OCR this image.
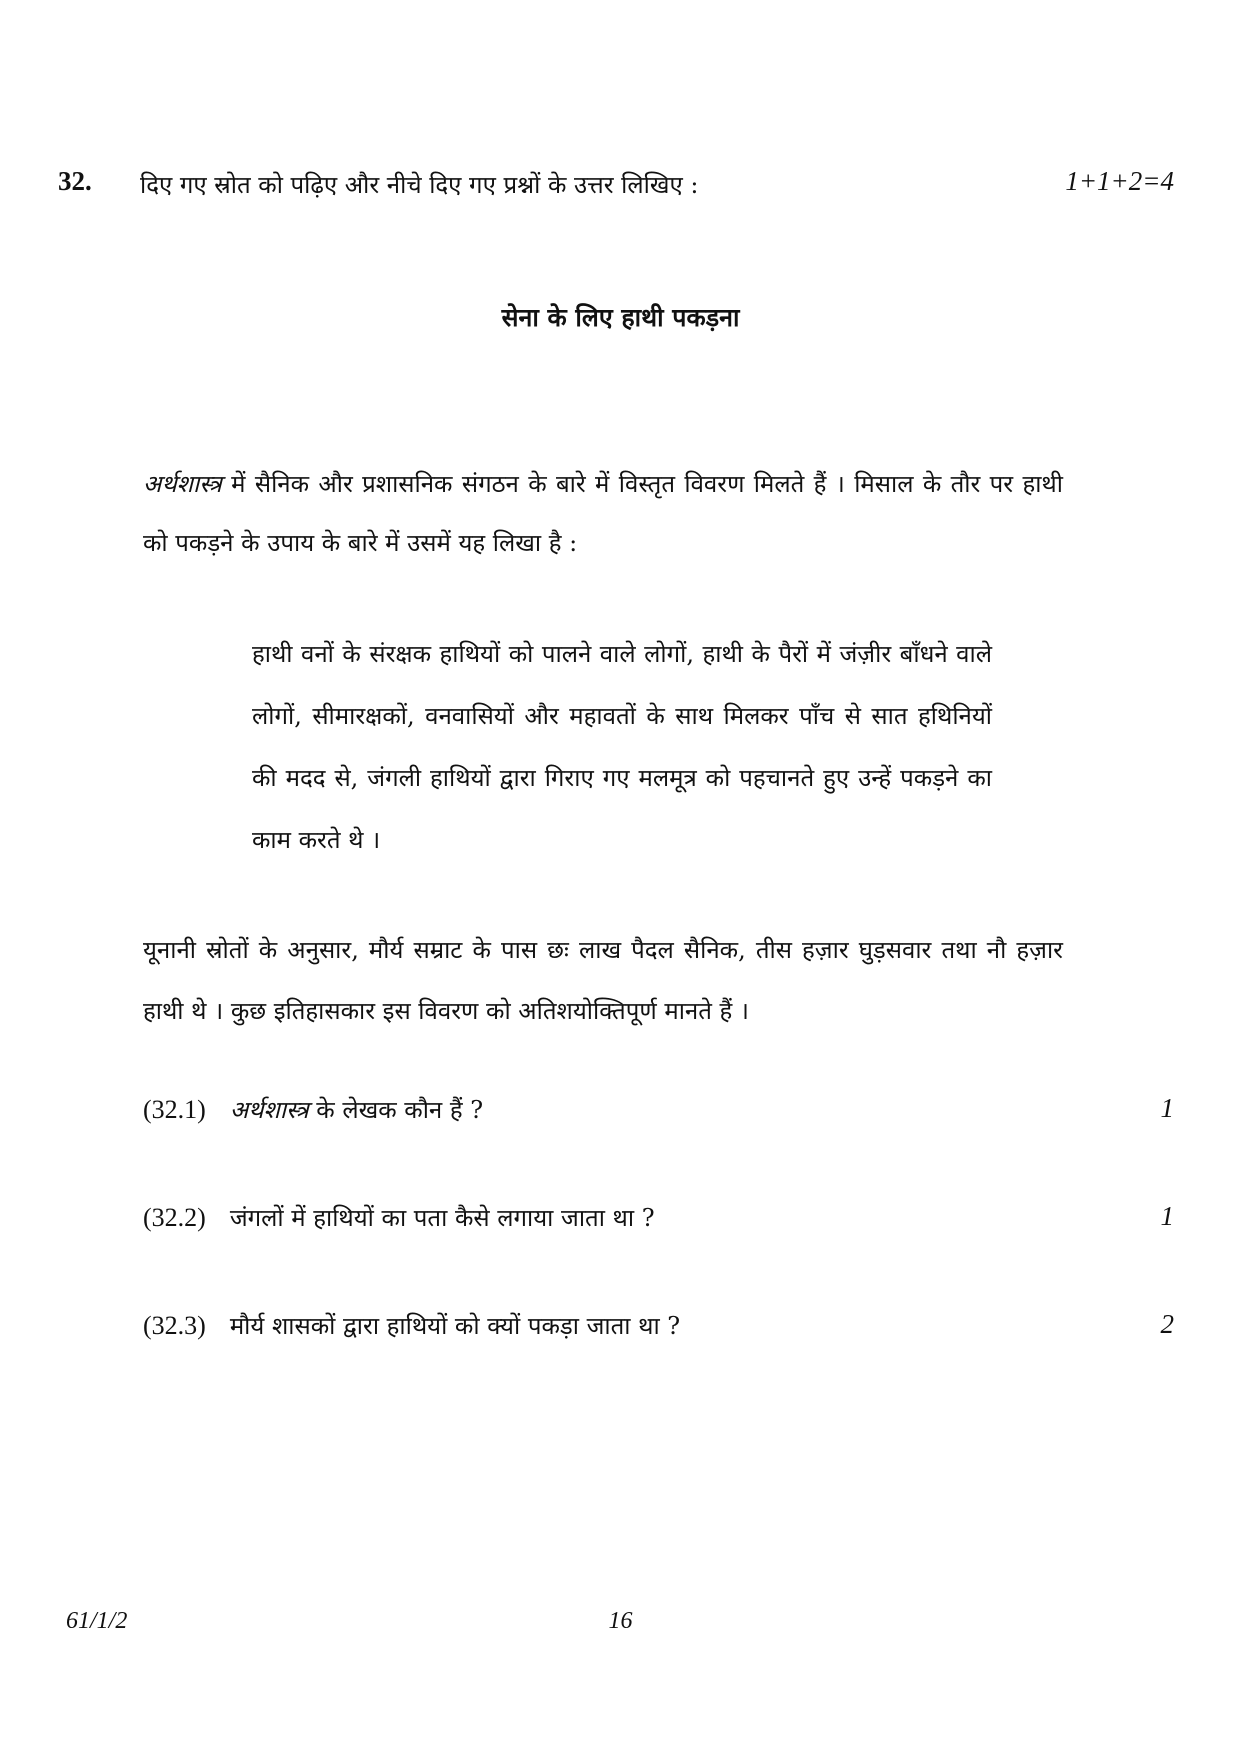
32. दिए गए स्रोत को पढ़िए और नीचे दिए गए प्रश्नों के उत्तर लिखिए :	1+1+2=4
सेना के लिए हाथी पकड़ना
अर्थशास्त्र में सैनिक और प्रशासनिक संगठन के बारे में विस्तृत विवरण मिलते हैं । मिसाल के तौर पर हाथी को पकड़ने के उपाय के बारे में उसमें यह लिखा है :
हाथी वनों के संरक्षक हाथियों को पालने वाले लोगों, हाथी के पैरों में जंज़ीर बाँधने वाले लोगों, सीमारक्षकों, वनवासियों और महावतों के साथ मिलकर पाँच से सात हथिनियों की मदद से, जंगली हाथियों द्वारा गिराए गए मलमूत्र को पहचानते हुए उन्हें पकड़ने का काम करते थे ।
यूनानी स्रोतों के अनुसार, मौर्य सम्राट के पास छः लाख पैदल सैनिक, तीस हज़ार घुड़सवार तथा नौ हज़ार हाथी थे । कुछ इतिहासकार इस विवरण को अतिशयोक्तिपूर्ण मानते हैं ।
(32.1) अर्थशास्त्र के लेखक कौन हैं ?	1
(32.2) जंगलों में हाथियों का पता कैसे लगाया जाता था ?	1
(32.3) मौर्य शासकों द्वारा हाथियों को क्यों पकड़ा जाता था ?	2
61/1/2	16
